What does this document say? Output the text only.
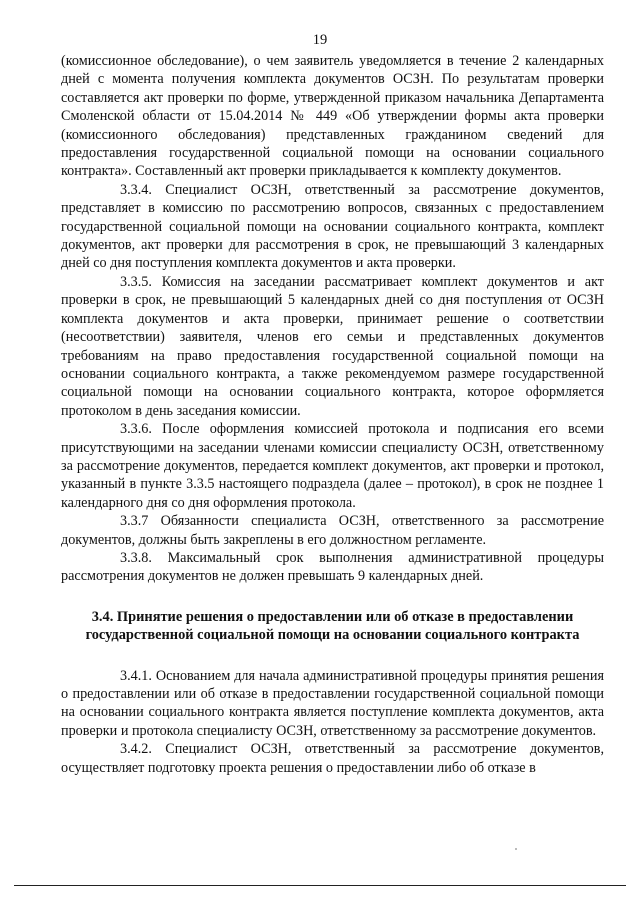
19

(комиссионное обследование), о чем заявитель уведомляется в течение 2 календарных дней с момента получения комплекта документов ОСЗН. По результатам проверки составляется акт проверки по форме, утвержденной приказом начальника Департамента Смоленской области от 15.04.2014 № 449 «Об утверждении формы акта проверки (комиссионного обследования) представленных гражданином сведений для предоставления государственной социальной помощи на основании социального контракта». Составленный акт проверки прикладывается к комплекту документов.

3.3.4. Специалист ОСЗН, ответственный за рассмотрение документов, представляет в комиссию по рассмотрению вопросов, связанных с предоставлением государственной социальной помощи на основании социального контракта, комплект документов, акт проверки для рассмотрения в срок, не превышающий 3 календарных дней со дня поступления комплекта документов и акта проверки.

3.3.5. Комиссия на заседании рассматривает комплект документов и акт проверки в срок, не превышающий 5 календарных дней со дня поступления от ОСЗН комплекта документов и акта проверки, принимает решение о соответствии (несоответствии) заявителя, членов его семьи и представленных документов требованиям на право предоставления государственной социальной помощи на основании социального контракта, а также рекомендуемом размере государственной социальной помощи на основании социального контракта, которое оформляется протоколом в день заседания комиссии.

3.3.6. После оформления комиссией протокола и подписания его всеми присутствующими на заседании членами комиссии специалисту ОСЗН, ответственному за рассмотрение документов, передается комплект документов, акт проверки и протокол, указанный в пункте 3.3.5 настоящего подраздела (далее – протокол), в срок не позднее 1 календарного дня со дня оформления протокола.

3.3.7 Обязанности специалиста ОСЗН, ответственного за рассмотрение документов, должны быть закреплены в его должностном регламенте.

3.3.8. Максимальный срок выполнения административной процедуры рассмотрения документов не должен превышать 9 календарных дней.

3.4. Принятие решения о предоставлении или об отказе в предоставлении государственной социальной помощи на основании социального контракта

3.4.1. Основанием для начала административной процедуры принятия решения о предоставлении или об отказе в предоставлении государственной социальной помощи на основании социального контракта является поступление комплекта документов, акта проверки и протокола специалисту ОСЗН, ответственному за рассмотрение документов.

3.4.2. Специалист ОСЗН, ответственный за рассмотрение документов, осуществляет подготовку проекта решения о предоставлении либо об отказе в
